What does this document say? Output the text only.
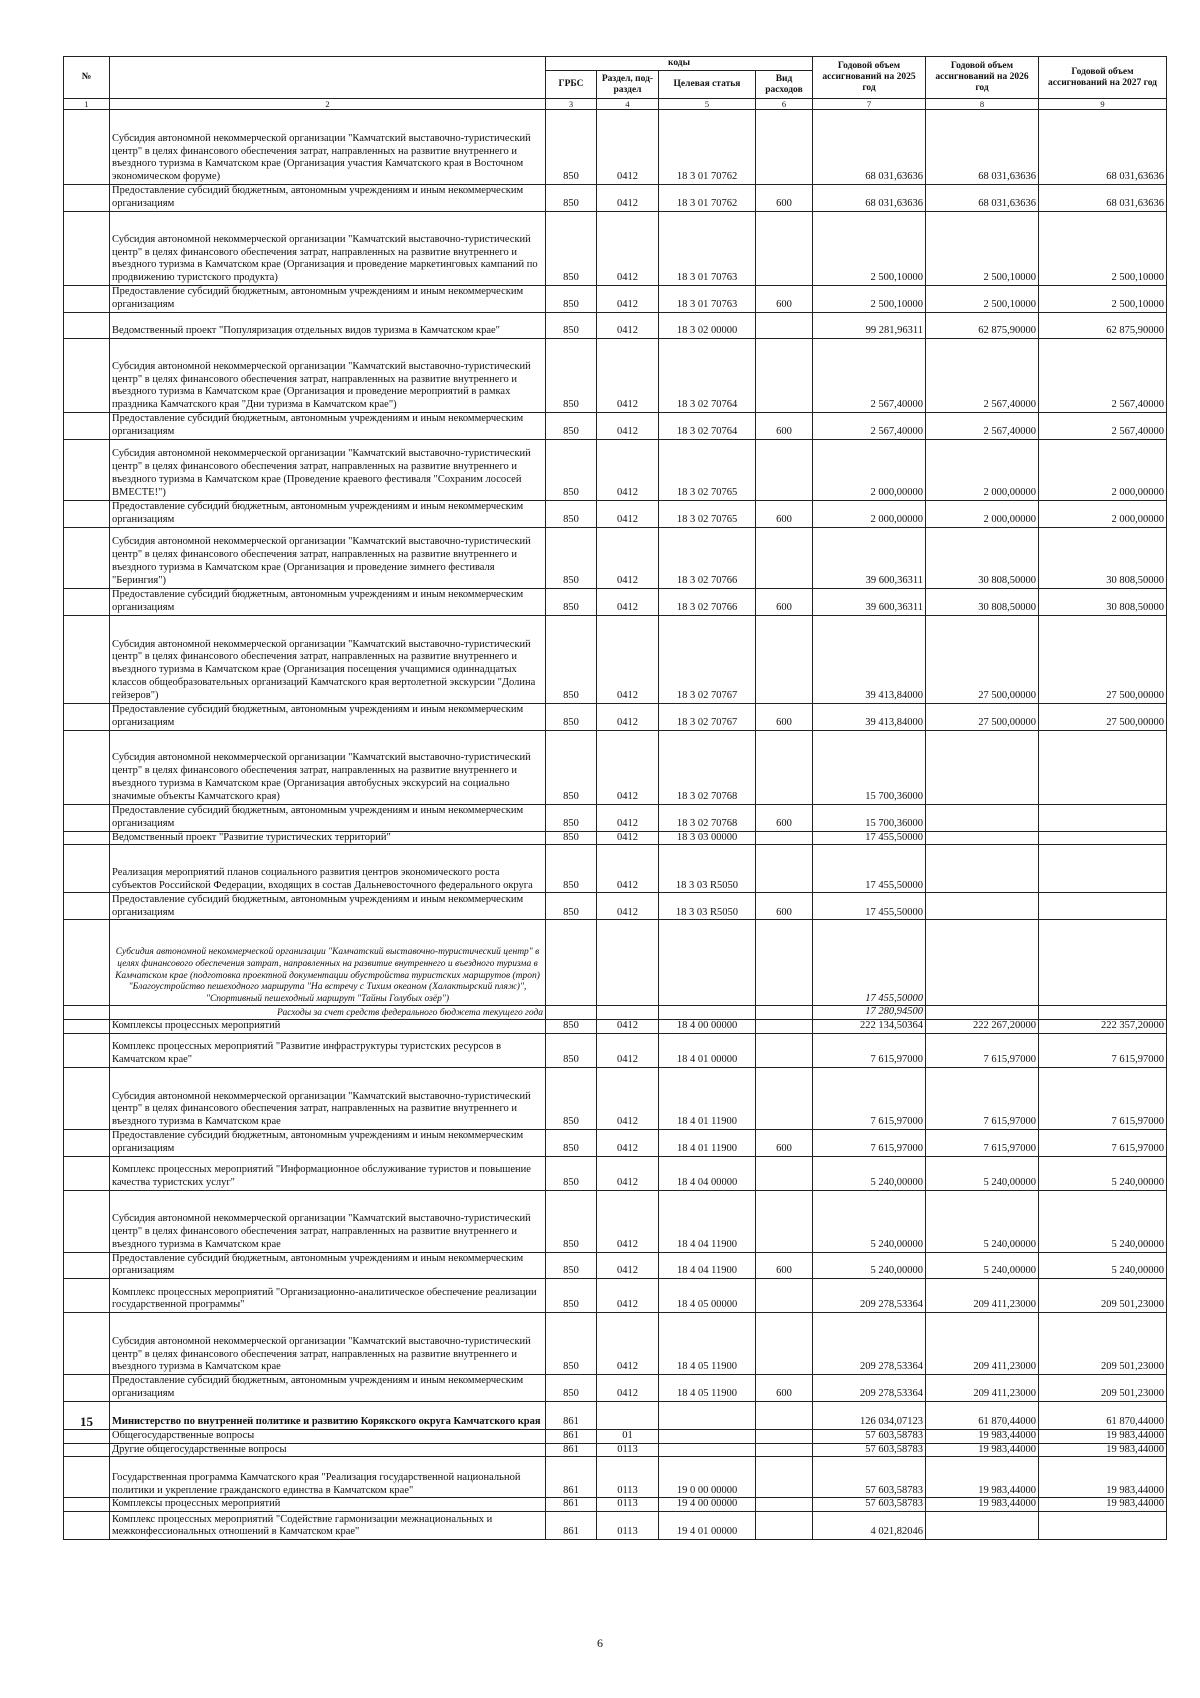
№		коды				Годовой объем ассигнований на 2025 год	Годовой объем ассигнований на 2026 год	Годовой объем ассигнований на 2027 год
		ГРБС	Раздел, под-раздел	Целевая статья	Вид расходов			
1	2	3	4	5	6	7	8	9
	Субсидия автономной некоммерческой организации "Камчатский выставочно-туристический центр" в целях финансового обеспечения затрат, направленных на развитие внутреннего и въездного туризма в Камчатском крае (Организация участия Камчатского края в Восточном экономическом форуме)	850	0412	18 3 01 70762		68 031,63636	68 031,63636	68 031,63636
	Предоставление субсидий бюджетным, автономным учреждениям и иным некоммерческим организациям	850	0412	18 3 01 70762	600	68 031,63636	68 031,63636	68 031,63636
	Субсидия автономной некоммерческой организации "Камчатский выставочно-туристический центр" в целях финансового обеспечения затрат, направленных на развитие внутреннего и въездного туризма в Камчатском крае (Организация и проведение маркетинговых кампаний по продвижению туристского продукта)	850	0412	18 3 01 70763		2 500,10000	2 500,10000	2 500,10000
	Предоставление субсидий бюджетным, автономным учреждениям и иным некоммерческим организациям	850	0412	18 3 01 70763	600	2 500,10000	2 500,10000	2 500,10000
	Ведомственный проект "Популяризация отдельных видов туризма в Камчатском крае"	850	0412	18 3 02 00000		99 281,96311	62 875,90000	62 875,90000
	Субсидия автономной некоммерческой организации "Камчатский выставочно-туристический центр" в целях финансового обеспечения затрат, направленных на развитие внутреннего и въездного туризма в Камчатском крае (Организация и проведение мероприятий в рамках праздника Камчатского края "Дни туризма в Камчатском крае")	850	0412	18 3 02 70764		2 567,40000	2 567,40000	2 567,40000
	Предоставление субсидий бюджетным, автономным учреждениям и иным некоммерческим организациям	850	0412	18 3 02 70764	600	2 567,40000	2 567,40000	2 567,40000
	Субсидия автономной некоммерческой организации "Камчатский выставочно-туристический центр" в целях финансового обеспечения затрат, направленных на развитие внутреннего и въездного туризма в Камчатском крае (Проведение краевого фестиваля "Сохраним лососей ВМЕСТЕ!")	850	0412	18 3 02 70765		2 000,00000	2 000,00000	2 000,00000
	Предоставление субсидий бюджетным, автономным учреждениям и иным некоммерческим организациям	850	0412	18 3 02 70765	600	2 000,00000	2 000,00000	2 000,00000
	Субсидия автономной некоммерческой организации "Камчатский выставочно-туристический центр" в целях финансового обеспечения затрат, направленных на развитие внутреннего и въездного туризма в Камчатском крае (Организация и проведение зимнего фестиваля "Берингия")	850	0412	18 3 02 70766		39 600,36311	30 808,50000	30 808,50000
	Предоставление субсидий бюджетным, автономным учреждениям и иным некоммерческим организациям	850	0412	18 3 02 70766	600	39 600,36311	30 808,50000	30 808,50000
	Субсидия автономной некоммерческой организации "Камчатский выставочно-туристический центр" в целях финансового обеспечения затрат, направленных на развитие внутреннего и въездного туризма в Камчатском крае (Организация посещения учащимися одиннадцатых классов общеобразовательных организаций Камчатского края вертолетной экскурсии "Долина гейзеров")	850	0412	18 3 02 70767		39 413,84000	27 500,00000	27 500,00000
	Предоставление субсидий бюджетным, автономным учреждениям и иным некоммерческим организациям	850	0412	18 3 02 70767	600	39 413,84000	27 500,00000	27 500,00000
	Субсидия автономной некоммерческой организации "Камчатский выставочно-туристический центр" в целях финансового обеспечения затрат, направленных на развитие внутреннего и въездного туризма в Камчатском крае (Организация автобусных экскурсий на социально значимые объекты Камчатского края)	850	0412	18 3 02 70768		15 700,36000		
	Предоставление субсидий бюджетным, автономным учреждениям и иным некоммерческим организациям	850	0412	18 3 02 70768	600	15 700,36000		
	Ведомственный проект "Развитие туристических территорий"	850	0412	18 3 03 00000		17 455,50000		
	Реализация мероприятий планов социального развития центров экономического роста субъектов Российской Федерации, входящих в состав Дальневосточного федерального округа	850	0412	18 3 03 R5050		17 455,50000		
	Предоставление субсидий бюджетным, автономным учреждениям и иным некоммерческим организациям	850	0412	18 3 03 R5050	600	17 455,50000		
	Субсидия автономной некоммерческой организации "Камчатский выставочно-туристический центр" в целях финансового обеспечения затрат, направленных на развитие внутреннего и въездного туризма в Камчатском крае (подготовка проектной документации обустройства туристских маршрутов (троп) "Благоустройство пешеходного маршрута "На встречу с Тихим океаном (Халактырский пляж)", "Спортивный пешеходный маршрут "Тайны Голубых озёр")					17 455,50000		
	Расходы за счет средств федерального бюджета текущего года					17 280,94500		
	Комплексы процессных мероприятий	850	0412	18 4 00 00000		222 134,50364	222 267,20000	222 357,20000
	Комплекс процессных мероприятий "Развитие инфраструктуры туристских ресурсов в Камчатском крае"	850	0412	18 4 01 00000		7 615,97000	7 615,97000	7 615,97000
	Субсидия автономной некоммерческой организации "Камчатский выставочно-туристический центр" в целях финансового обеспечения затрат, направленных на развитие внутреннего и въездного туризма в Камчатском крае	850	0412	18 4 01 11900		7 615,97000	7 615,97000	7 615,97000
	Предоставление субсидий бюджетным, автономным учреждениям и иным некоммерческим организациям	850	0412	18 4 01 11900	600	7 615,97000	7 615,97000	7 615,97000
	Комплекс процессных мероприятий "Информационное обслуживание туристов и повышение качества туристских услуг"	850	0412	18 4 04 00000		5 240,00000	5 240,00000	5 240,00000
	Субсидия автономной некоммерческой организации "Камчатский выставочно-туристический центр" в целях финансового обеспечения затрат, направленных на развитие внутреннего и въездного туризма в Камчатском крае	850	0412	18 4 04 11900		5 240,00000	5 240,00000	5 240,00000
	Предоставление субсидий бюджетным, автономным учреждениям и иным некоммерческим организациям	850	0412	18 4 04 11900	600	5 240,00000	5 240,00000	5 240,00000
	Комплекс процессных мероприятий "Организационно-аналитическое обеспечение реализации государственной программы"	850	0412	18 4 05 00000		209 278,53364	209 411,23000	209 501,23000
	Субсидия автономной некоммерческой организации "Камчатский выставочно-туристический центр" в целях финансового обеспечения затрат, направленных на развитие внутреннего и въездного туризма в Камчатском крае	850	0412	18 4 05 11900		209 278,53364	209 411,23000	209 501,23000
	Предоставление субсидий бюджетным, автономным учреждениям и иным некоммерческим организациям	850	0412	18 4 05 11900	600	209 278,53364	209 411,23000	209 501,23000
15	Министерство по внутренней политике и развитию Корякского округа Камчатского края	861				126 034,07123	61 870,44000	61 870,44000
	Общегосударственные вопросы	861	01			57 603,58783	19 983,44000	19 983,44000
	Другие общегосударственные вопросы	861	0113			57 603,58783	19 983,44000	19 983,44000
	Государственная программа Камчатского края "Реализация государственной национальной политики и укрепление гражданского единства в Камчатском крае"	861	0113	19 0 00 00000		57 603,58783	19 983,44000	19 983,44000
	Комплексы процессных мероприятий	861	0113	19 4 00 00000		57 603,58783	19 983,44000	19 983,44000
	Комплекс процессных мероприятий "Содействие гармонизации межнациональных и межконфессиональных отношений в Камчатском крае"	861	0113	19 4 01 00000		4 021,82046		
6
